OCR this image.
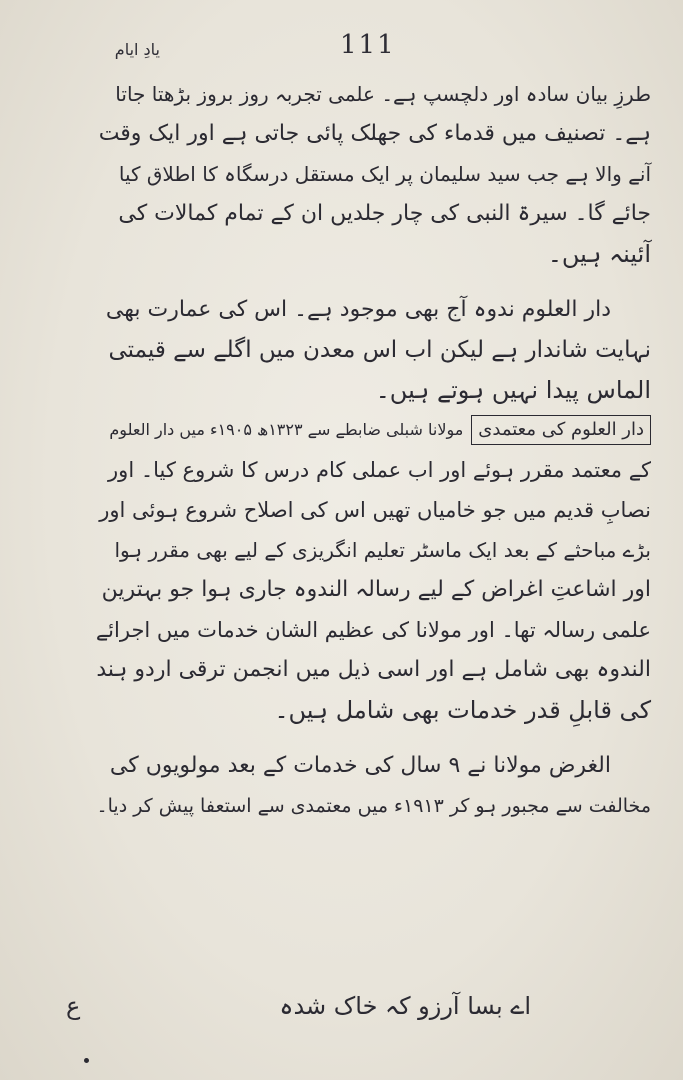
111
یادِ ایام
طرزِ بیان سادہ اور دلچسپ ہے۔ علمی تجربہ روز بروز بڑھتا جاتا
ہے۔ تصنیف میں قدماء کی جھلک پائی جاتی ہے اور ایک وقت
آنے والا ہے جب سید سلیمان پر ایک مستقل درسگاہ کا اطلاق کیا
جائے گا۔ سیرۃ النبی کی چار جلدیں ان کے تمام کمالات کی
آئینہ ہیں۔
دار العلوم ندوہ آج بھی موجود ہے۔ اس کی عمارت بھی
نہایت شاندار ہے لیکن اب اس معدن میں اگلے سے قیمتی
الماس پیدا نہیں ہوتے ہیں۔
دار العلوم کی معتمدیمولانا شبلی ضابطے سے ۱۳۲۳ھ ۱۹۰۵ء میں دار العلوم
کے معتمد مقرر ہوئے اور اب عملی کام درس کا شروع کیا۔ اور
نصابِ قدیم میں جو خامیاں تھیں اس کی اصلاح شروع ہوئی اور
بڑے مباحثے کے بعد ایک ماسٹر تعلیم انگریزی کے لیے بھی مقرر ہوا
اور اشاعتِ اغراض کے لیے رسالہ الندوہ جاری ہوا جو بہترین
علمی رسالہ تھا۔ اور مولانا کی عظیم الشان خدمات میں اجرائے
الندوہ بھی شامل ہے اور اسی ذیل میں انجمن ترقی اردو ہند
کی قابلِ قدر خدمات بھی شامل ہیں۔
الغرض مولانا نے ۹ سال کی خدمات کے بعد مولویوں کی
مخالفت سے مجبور ہو کر ۱۹۱۳ء میں معتمدی سے استعفا پیش کر دیا۔
اے بسا آرزو کہ خاک شدہ
ع
